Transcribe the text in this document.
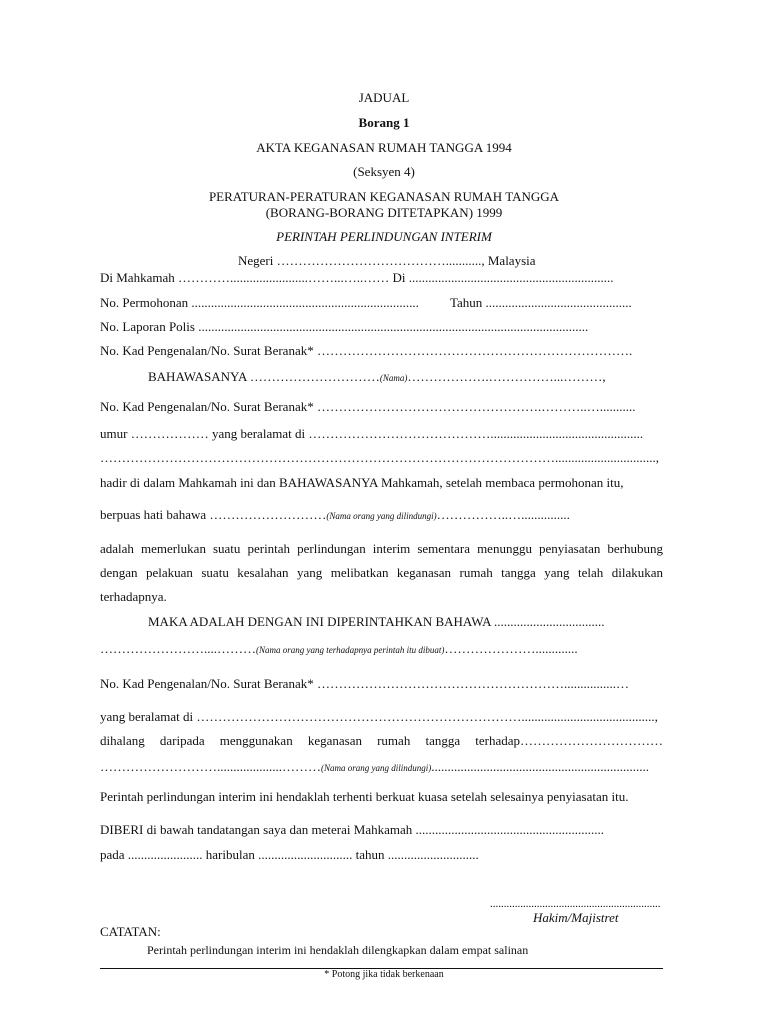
JADUAL
Borang 1
AKTA KEGANASAN RUMAH TANGGA 1994
(Seksyen 4)
PERATURAN-PERATURAN KEGANASAN RUMAH TANGGA
(BORANG-BORANG DITETAPKAN) 1999
PERINTAH PERLINDUNGAN INTERIM
Negeri …………………………………..........., Malaysia
Di Mahkamah …………........................……...…..…… Di ...............................................................
No. Permohonan ...................................................................... Tahun .............................................
No. Laporan Polis ........................................................................................................................
No. Kad Pengenalan/No. Surat Beranak* ……………………………………………………………….
BAHAWASANYA …………………………(Nama)……………….……………...………,
No. Kad Pengenalan/No. Surat Beranak* …………………………………………….………..…...........
umur ……………… yang beralamat di ……………………………………...............................................
……………………………………………………………………………………………...............................,
hadir di dalam Mahkamah ini dan BAHAWASANYA Mahkamah, setelah membaca permohonan itu,
berpuas hati bahawa ………………………(Nama orang yang dilindungi)……………..…...............
adalah memerlukan suatu perintah perlindungan interim sementara menunggu penyiasatan berhubung
dengan pelakuan suatu kesalahan yang melibatkan keganasan rumah tangga yang telah dilakukan
terhadapnya.
MAKA ADALAH DENGAN INI DIPERINTAHKAN BAHAWA ..................................
……………………....………(Nama orang yang terhadapnya perintah itu dibuat)………………….............
No. Kad Pengenalan/No. Surat Beranak* …………………………………………………................…
yang beralamat di ………………………………………………………………….........................................,
dihalang daripada menggunakan keganasan rumah tangga terhadap……………………………
………………………....................………(Nama orang yang dilindungi)...................................................................
Perintah perlindungan interim ini hendaklah terhenti berkuat kuasa setelah selesainya penyiasatan itu.
DIBERI di bawah tandatangan saya dan meterai Mahkamah ..........................................................
pada ....................... haribulan ............................. tahun ............................
..............................................................
Hakim/Majistret
CATATAN:
Perintah perlindungan interim ini hendaklah dilengkapkan dalam empat salinan
* Potong jika tidak berkenaan
